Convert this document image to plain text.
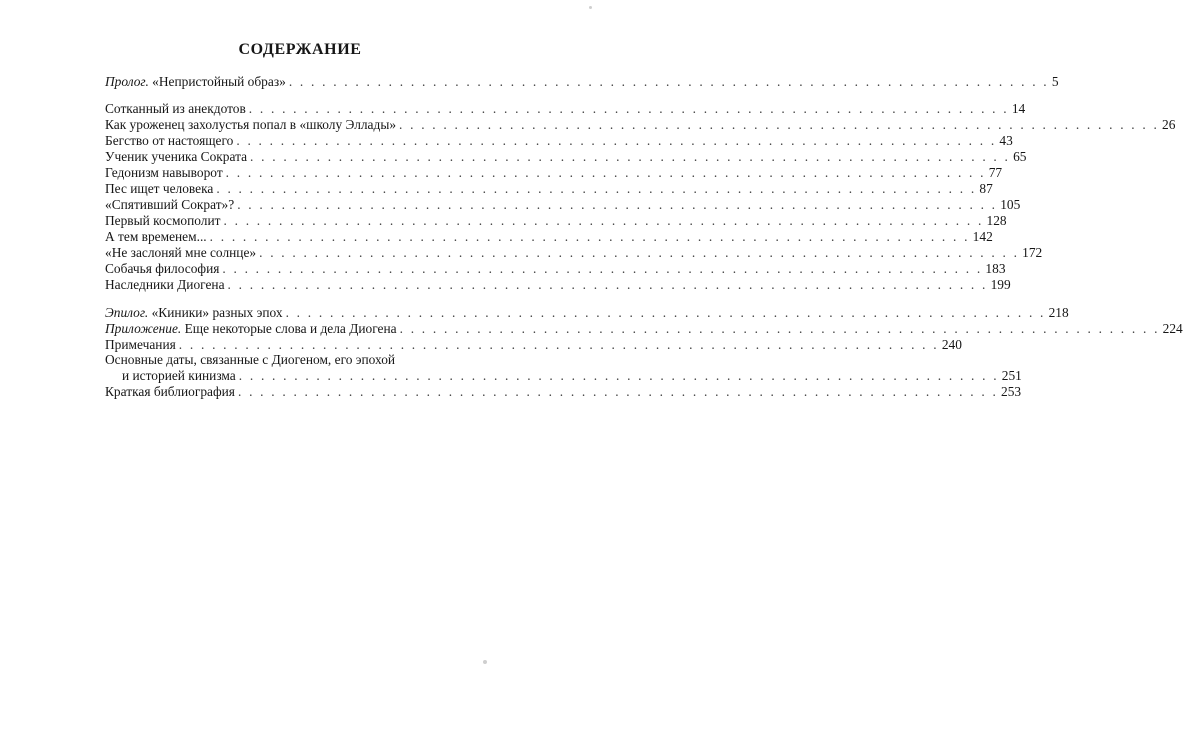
СОДЕРЖАНИЕ
Пролог. «Непристойный образ» . . . . . . . . . . . . . . . . . . . . . . . . . . . . . . . . . . . . . . . . . . . . . . . . . . . . . . . . . . . . . . . . . . . . . 5
Сотканный из анекдотов . . . . . . . . . . . . . . . . . . . . . . . . . . . . . . . . . . . . . . . . . . . . . . . . . . . . . . . . . . . . . . . . . . . . . 14
Как уроженец захолустья попал в «школу Эллады» . . . . . . . . . . . . . . . . . . . . . . . . . . . . . . . . . . . . . . . . . . . . . . . . . . . . . . . . . . . . . . . . . . . . . 26
Бегство от настоящего . . . . . . . . . . . . . . . . . . . . . . . . . . . . . . . . . . . . . . . . . . . . . . . . . . . . . . . . . . . . . . . . . . . . . 43
Ученик ученика Сократа . . . . . . . . . . . . . . . . . . . . . . . . . . . . . . . . . . . . . . . . . . . . . . . . . . . . . . . . . . . . . . . . . . . . . 65
Гедонизм навыворот . . . . . . . . . . . . . . . . . . . . . . . . . . . . . . . . . . . . . . . . . . . . . . . . . . . . . . . . . . . . . . . . . . . . . 77
Пес ищет человека . . . . . . . . . . . . . . . . . . . . . . . . . . . . . . . . . . . . . . . . . . . . . . . . . . . . . . . . . . . . . . . . . . . . . 87
«Спятивший Сократ»? . . . . . . . . . . . . . . . . . . . . . . . . . . . . . . . . . . . . . . . . . . . . . . . . . . . . . . . . . . . . . . . . . . . . . 105
Первый космополит . . . . . . . . . . . . . . . . . . . . . . . . . . . . . . . . . . . . . . . . . . . . . . . . . . . . . . . . . . . . . . . . . . . . . 128
А тем временем... . . . . . . . . . . . . . . . . . . . . . . . . . . . . . . . . . . . . . . . . . . . . . . . . . . . . . . . . . . . . . . . . . . . . . 142
«Не заслоняй мне солнце» . . . . . . . . . . . . . . . . . . . . . . . . . . . . . . . . . . . . . . . . . . . . . . . . . . . . . . . . . . . . . . . . . . . . . 172
Собачья философия . . . . . . . . . . . . . . . . . . . . . . . . . . . . . . . . . . . . . . . . . . . . . . . . . . . . . . . . . . . . . . . . . . . . . 183
Наследники Диогена . . . . . . . . . . . . . . . . . . . . . . . . . . . . . . . . . . . . . . . . . . . . . . . . . . . . . . . . . . . . . . . . . . . . . 199
Эпилог. «Киники» разных эпох . . . . . . . . . . . . . . . . . . . . . . . . . . . . . . . . . . . . . . . . . . . . . . . . . . . . . . . . . . . . . . . . . . . . . 218
Приложение. Еще некоторые слова и дела Диогена . . . . . . . . . . . . . . . . . . . . . . . . . . . . . . . . . . . . . . . . . . . . . . . . . . . . . . . . . . . . . . . . . . . . . 224
Примечания . . . . . . . . . . . . . . . . . . . . . . . . . . . . . . . . . . . . . . . . . . . . . . . . . . . . . . . . . . . . . . . . . . . . . 240
Основные даты, связанные с Диогеном, его эпохой
и историей кинизма . . . . . . . . . . . . . . . . . . . . . . . . . . . . . . . . . . . . . . . . . . . . . . . . . . . . . . . . . . . . . . . . . . . . . 251
Краткая библиография . . . . . . . . . . . . . . . . . . . . . . . . . . . . . . . . . . . . . . . . . . . . . . . . . . . . . . . . . . . . . . . . . . . . . 253
